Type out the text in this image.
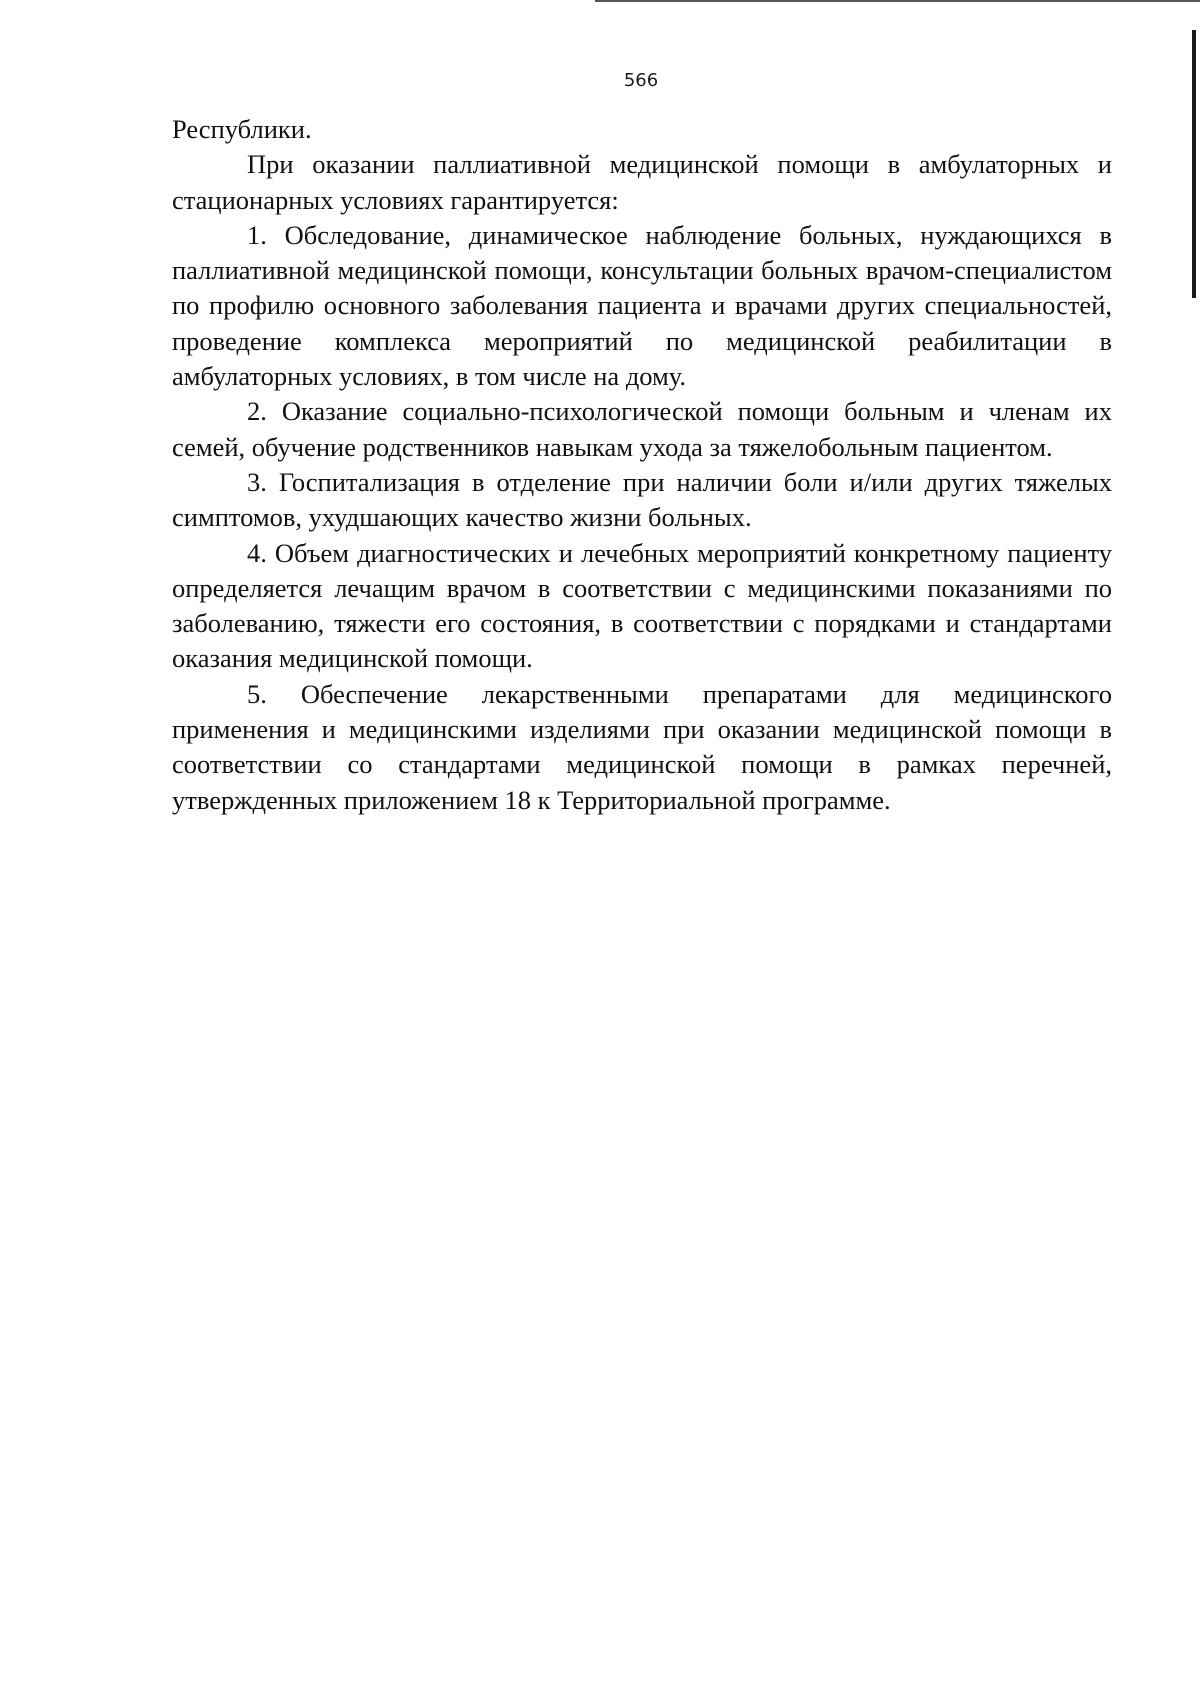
566

Республики.

При оказании паллиативной медицинской помощи в амбулаторных и стационарных условиях гарантируется:

1. Обследование, динамическое наблюдение больных, нуждающихся в паллиативной медицинской помощи, консультации больных врачом-специалистом по профилю основного заболевания пациента и врачами других специальностей, проведение комплекса мероприятий по медицинской реабилитации в амбулаторных условиях, в том числе на дому.

2. Оказание социально-психологической помощи больным и членам их семей, обучение родственников навыкам ухода за тяжелобольным пациентом.

3. Госпитализация в отделение при наличии боли и/или других тяжелых симптомов, ухудшающих качество жизни больных.

4. Объем диагностических и лечебных мероприятий конкретному пациенту определяется лечащим врачом в соответствии с медицинскими показаниями по заболеванию, тяжести его состояния, в соответствии с порядками и стандартами оказания медицинской помощи.

5. Обеспечение лекарственными препаратами для медицинского применения и медицинскими изделиями при оказании медицинской помощи в соответствии со стандартами медицинской помощи в рамках перечней, утвержденных приложением 18 к Территориальной программе.
